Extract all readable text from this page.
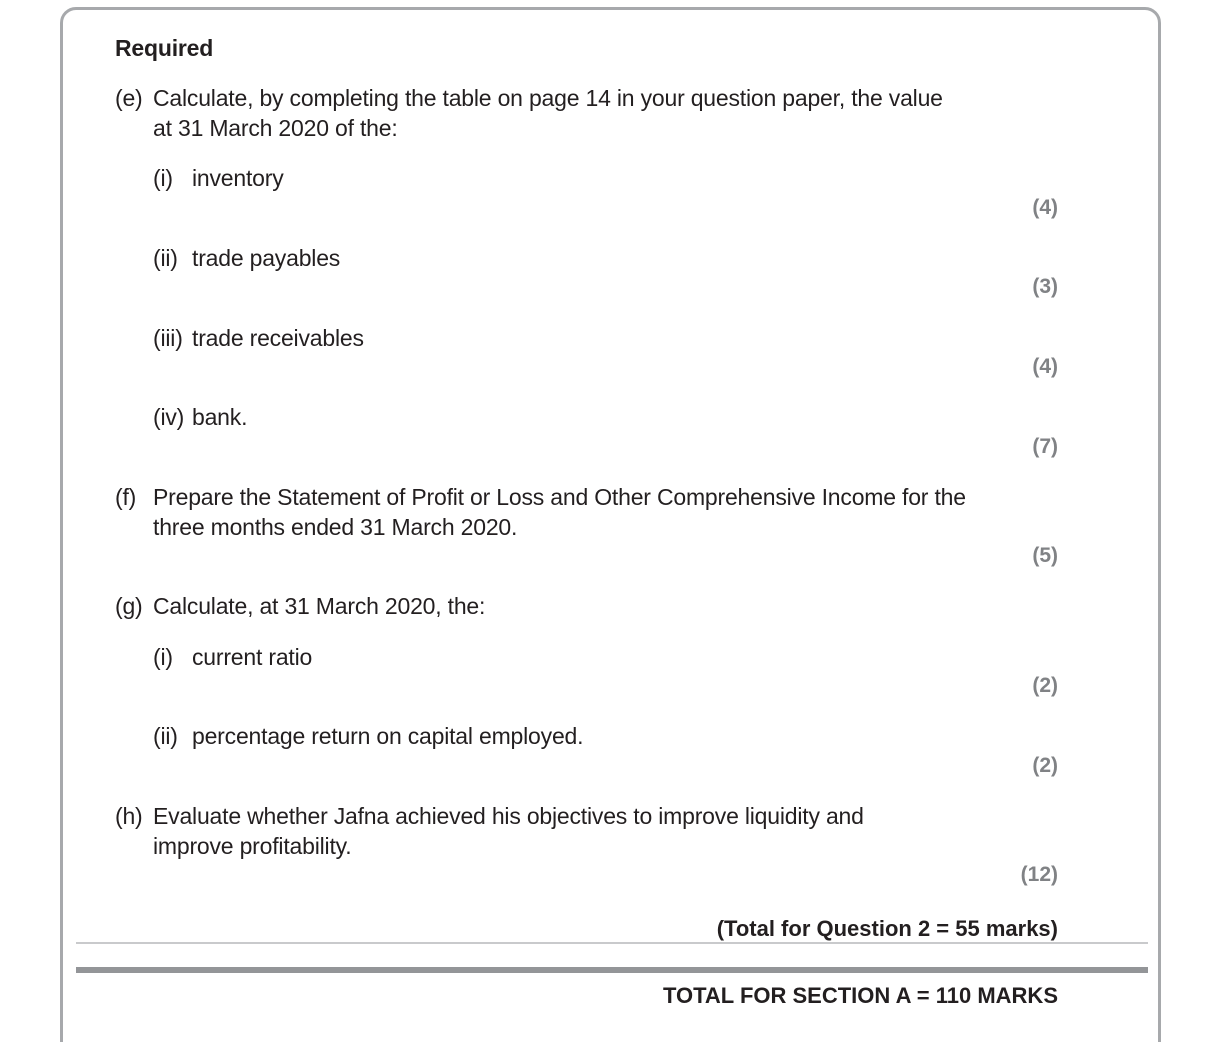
Required
(e) Calculate, by completing the table on page 14 in your question paper, the value
at 31 March 2020 of the:
(i) inventory
(4)
(ii) trade payables
(3)
(iii) trade receivables
(4)
(iv) bank.
(7)
(f) Prepare the Statement of Profit or Loss and Other Comprehensive Income for the
three months ended 31 March 2020.
(5)
(g) Calculate, at 31 March 2020, the:
(i) current ratio
(2)
(ii) percentage return on capital employed.
(2)
(h) Evaluate whether Jafna achieved his objectives to improve liquidity and
improve profitability.
(12)
(Total for Question 2 = 55 marks)
TOTAL FOR SECTION A = 110 MARKS
